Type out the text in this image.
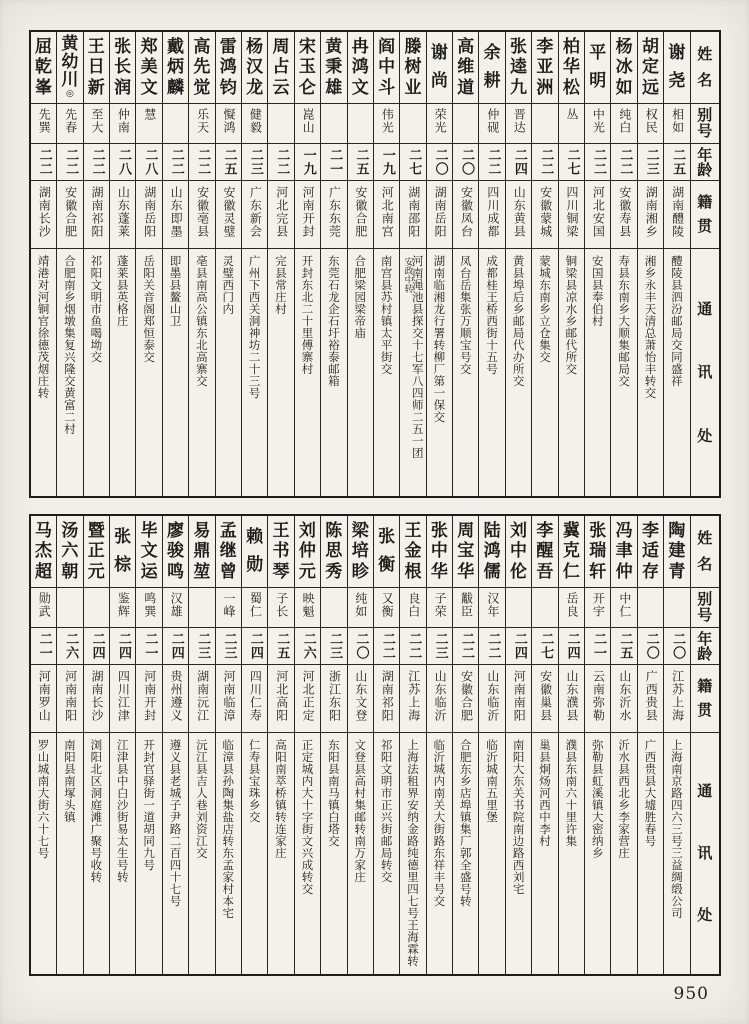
姓
名
别
号
年
龄
籍
贯
通
讯
处
谢
尧
相如
二五
湖南醴陵
醴陵县泗汾邮局交同盛祥
胡
定
远
权民
二三
湖南湘乡
湘乡永丰天清总萧怡丰转交
杨
冰
如
纯白
二二
安徽寿县
寿县东南乡大顺集邮局交
平
明
中光
二二
河北安国
安国县奉伯村
柏
华
松
丛
二七
四川铜梁
铜梁县凉水乡邮代所交
李
亚
洲
二二
安徽蒙城
蒙城东南乡立仓集交
张
逵
九
晋达
二四
山东黄县
黄县埠后乡邮局代办所交
余
耕
仲砚
二二
四川成都
成都桂王桥西街十五号
高
维
道
二〇
安徽凤台
凤台岳集张万顺宝号交
谢
尚
荣光
二〇
湖南岳阳
湖南临湘龙行署转柳厂第一保交
滕
树
业
二七
湖南邵阳
河南渑池县探交十七军八四师二五一团
安政中转
阎
中
斗
伟光
一九
河北南宫
南宫县苏村镇太平街交
冉
鸿
文
二五
安徽合肥
合肥梁园梁帝庙
黄
秉
雄
二一
广东东莞
东莞石龙企石圩裕泰邮箱
宋
玉
仑
崑山
一九
河南开封
开封东北二十里傅寨村
周
占
云
二二
河北完县
完县常庄村
杨
汉
龙
健毅
二三
广东新会
广州下西关洞神坊二十三号
雷
鸿
钧
懝鸿
二五
安徽灵璧
灵璧西门内
高
先
觉
乐天
二二
安徽亳县
亳县南高公镇东北高寨交
戴
炳
麟
二二
山东即墨
即墨县鳌山卫
郑
美
文
慧
二八
湖南岳阳
岳阳关音阁郑恒泰交
张
长
润
仲南
二八
山东蓬莱
蓬莱县英格庄
王
日
新
至大
二二
湖南祁阳
祁阳文明市鱼喝坳交
黄
幼
川
◎
先春
二二
安徽合肥
合肥南乡烟墩集复兴隆交黄富二村
屈
乾
峯
先巽
二二
湖南长沙
靖港对河铜官徐德茂烟庄转
姓
名
别
号
年
龄
籍
贯
通
讯
处
陶
建
青
二〇
江苏上海
上海南京路四六三号三益绸缎公司
李
适
存
二〇
广西贵县
广西贵县大墟胜春号
冯
聿
仲
中仁
二五
山东沂水
沂水县西北乡李家营庄
张
瑞
轩
开宇
二一
云南弥勒
弥勒县虹溪镇大密纳乡
冀
克
仁
岳良
二四
山东濮县
濮县东南六十里许集
李
醒
吾
二七
安徽巢县
巢县炯炀河西中李村
刘
中
伦
二四
河南南阳
南阳大东关书院南边路西刘宅
陆
鸿
儒
汉年
二二
山东临沂
临沂城南五里堡
周
宝
华
黻臣
二二
安徽合肥
合肥东乡店埠镇集厂郭全盛号转
张
中
华
子荣
二三
山东临沂
临沂城内南关大街路东祥丰号交
王
金
根
良白
二二
江苏上海
上海法租界安纳金路纯德里四七号王海霖转
张
衡
又衡
二二
湖南祁阳
祁阳文明市正兴街邮局转交
梁
培
眕
纯如
二〇
山东文登
文登县高村集邮转南万家庄
陈
思
秀
二三
浙江东阳
东阳县南马镇白塔交
刘
仲
元
映魁
二六
河北正定
正定城内大十字街文兴成转交
王
书
琴
子长
二五
河北高阳
高阳南萃桥镇转连家庄
赖
勋
蜀仁
二四
四川仁寿
仁寿县宝珠乡交
孟
继
曾
一峰
二三
河南临漳
临漳县孙陶集盐店转东孟家村本宅
易
鼎
堃
二三
湖南沅江
沅江县吉人巷刘资江交
廖
骏
鸣
汉雄
二四
贵州遵义
遵义县老城子尹路二百四十七号
毕
文
运
鸣巽
二一
河南开封
开封官驿街一道胡同九号
张
棕
鉴辉
二四
四川江津
江津县中白沙街易太生号转
暨
正
元
二四
湖南长沙
浏阳北区洞庭滩广聚号收转
汤
六
朝
二六
河南南阳
南阳县南塚头镇
马
杰
超
勋武
二一
河南罗山
罗山城南大街六十七号
950
